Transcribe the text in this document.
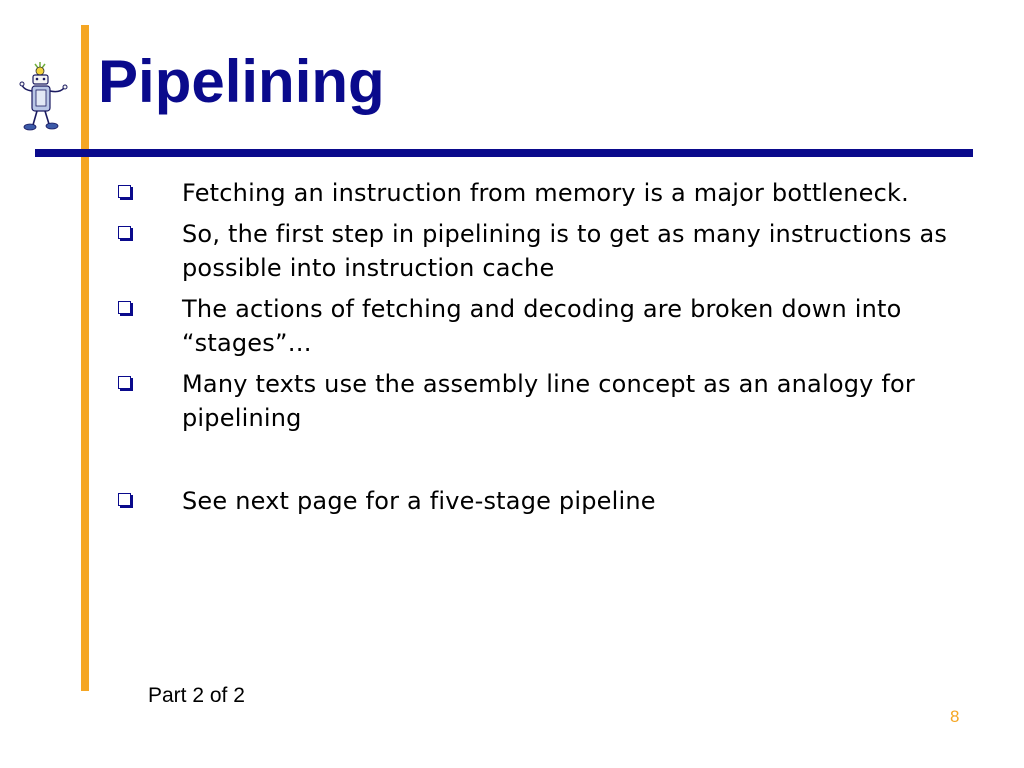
Pipelining
Fetching an instruction from memory is a major bottleneck.
So, the first step in pipelining is to get as many instructions as possible into instruction cache
The actions of fetching and decoding are broken down into “stages”…
Many texts use the assembly line concept as an analogy for pipelining
See next page for a five-stage pipeline

Part 2 of 2

8
